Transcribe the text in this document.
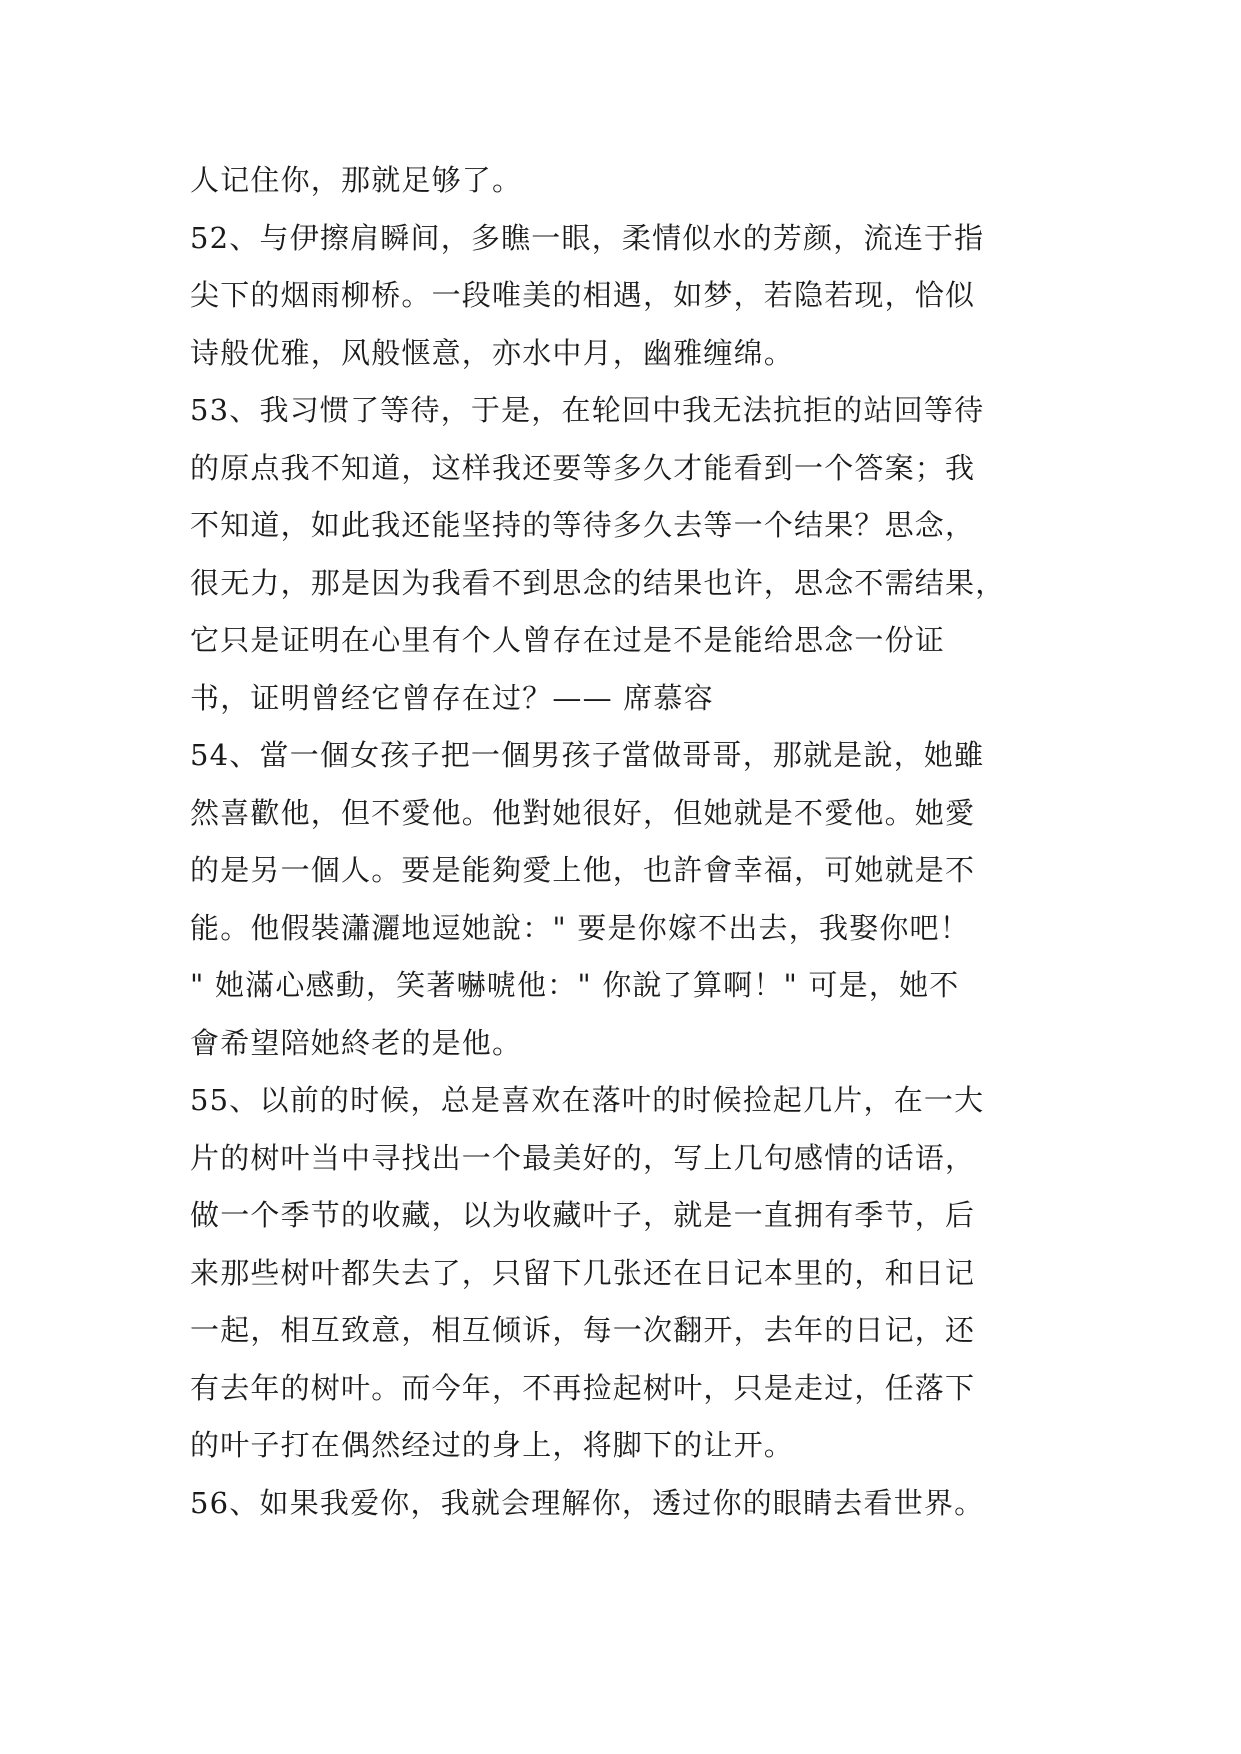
人记住你，那就足够了。
52、与伊擦肩瞬间，多瞧一眼，柔情似水的芳颜，流连于指
尖下的烟雨柳桥。一段唯美的相遇，如梦，若隐若现，恰似
诗般优雅，风般惬意，亦水中月，幽雅缠绵。
53、我习惯了等待，于是，在轮回中我无法抗拒的站回等待
的原点我不知道，这样我还要等多久才能看到一个答案；我
不知道，如此我还能坚持的等待多久去等一个结果？思念，
很无力，那是因为我看不到思念的结果也许，思念不需结果，
它只是证明在心里有个人曾存在过是不是能给思念一份证
书，证明曾经它曾存在过？—— 席慕容
54、當一個女孩子把一個男孩子當做哥哥，那就是說，她雖
然喜歡他，但不愛他。他對她很好，但她就是不愛他。她愛
的是另一個人。要是能夠愛上他，也許會幸福，可她就是不
能。他假裝瀟灑地逗她說：" 要是你嫁不出去，我娶你吧！
" 她滿心感動，笑著嚇唬他：" 你說了算啊！" 可是，她不
會希望陪她終老的是他。
55、以前的时候，总是喜欢在落叶的时候捡起几片，在一大
片的树叶当中寻找出一个最美好的，写上几句感情的话语，
做一个季节的收藏，以为收藏叶子，就是一直拥有季节，后
来那些树叶都失去了，只留下几张还在日记本里的，和日记
一起，相互致意，相互倾诉，每一次翻开，去年的日记，还
有去年的树叶。而今年，不再捡起树叶，只是走过，任落下
的叶子打在偶然经过的身上，将脚下的让开。
56、如果我爱你，我就会理解你，透过你的眼睛去看世界。
